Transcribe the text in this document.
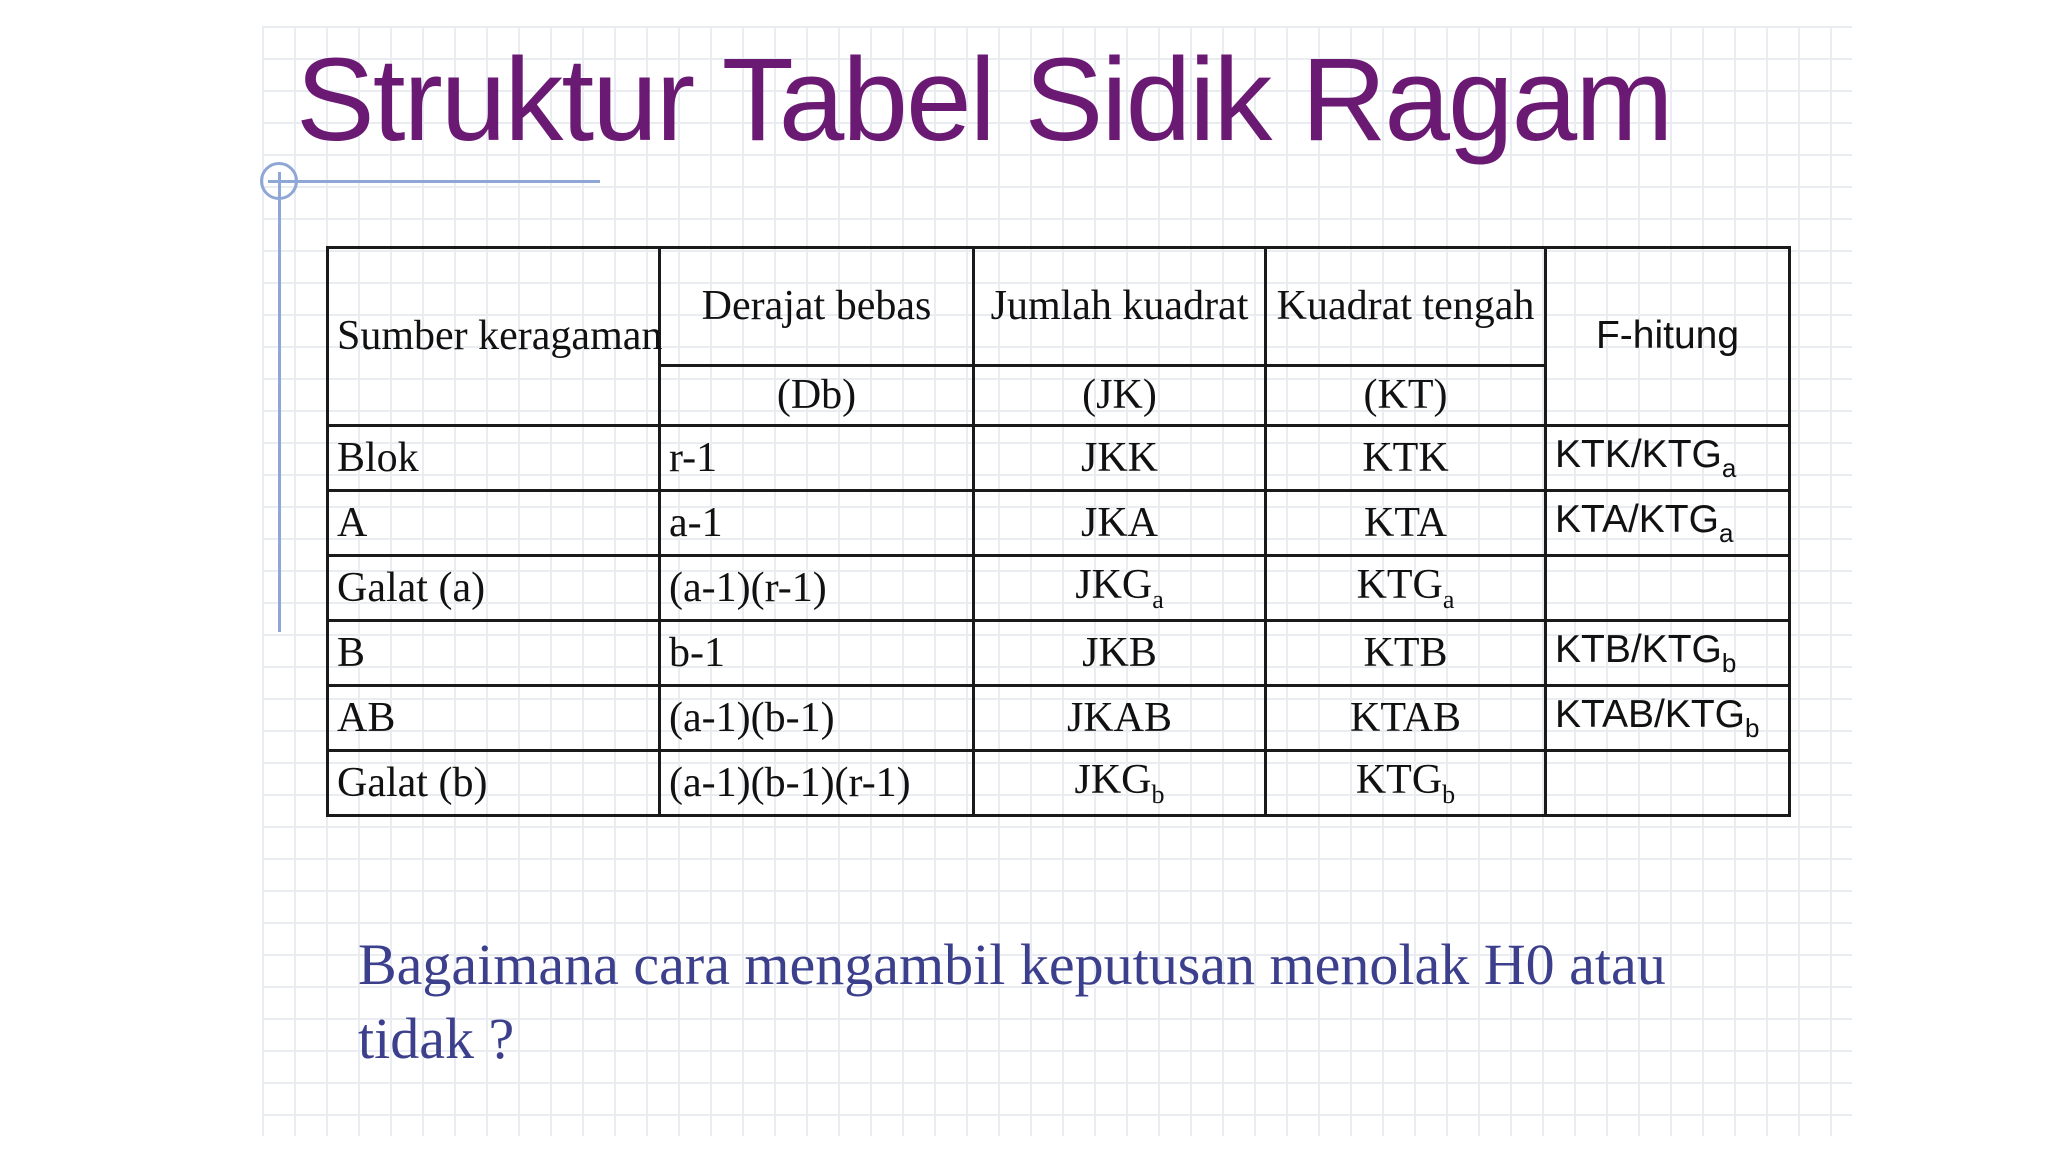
Struktur Tabel Sidik Ragam
Sumber keragaman	Derajat bebas	Jumlah kuadrat	Kuadrat tengah	F-hitung
	(Db)	(JK)	(KT)	
Blok	r-1	JKK	KTK	KTK/$KTG_a$
A	a-1	JKA	KTA	KTA/$KTG_a$
Galat (a)	(a-1)(r-1)	$JKG_a$	$KTG_a$	
B	b-1	JKB	KTB	KTB/$KTG_b$
AB	(a-1)(b-1)	JKAB	KTAB	KTAB/$KTG_b$
Galat (b)	(a-1)(b-1)(r-1)	$JKG_b$	$KTG_b$	

Bagaimana cara mengambil keputusan menolak H0 atau tidak ?
